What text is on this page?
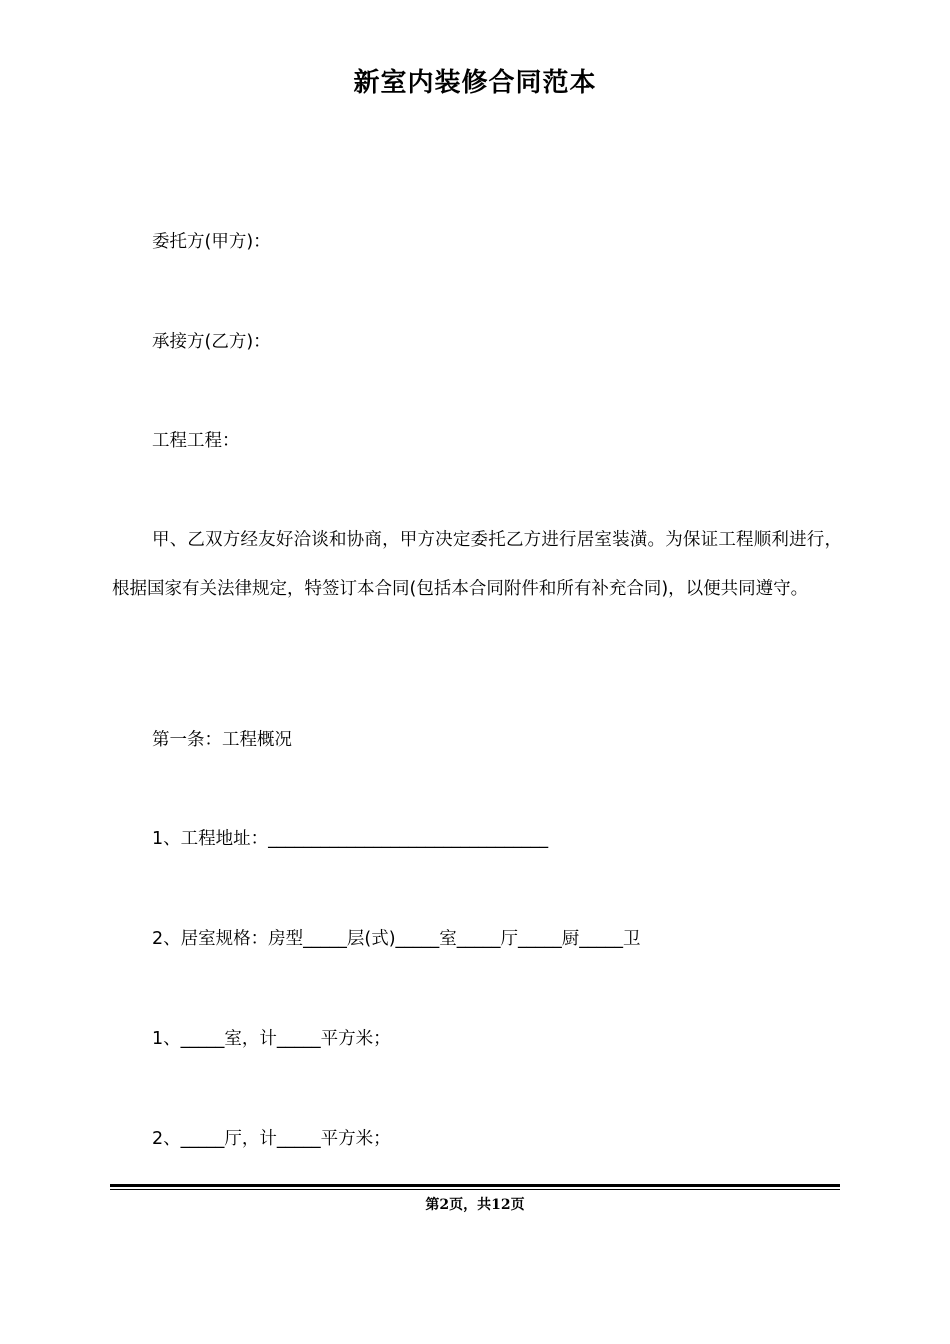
新室内装修合同范本
委托方(甲方)：
承接方(乙方)：
工程工程：
甲、乙双方经友好洽谈和协商，甲方决定委托乙方进行居室装潢。为保证工程顺利进行，根据国家有关法律规定，特签订本合同(包括本合同附件和所有补充合同)，以便共同遵守。
第一条：工程概况
1、工程地址：________________________________
2、居室规格：房型_____层(式)_____室_____厅_____厨_____卫
1、_____室，计_____平方米；
2、_____厅，计_____平方米；
第2页，共12页
